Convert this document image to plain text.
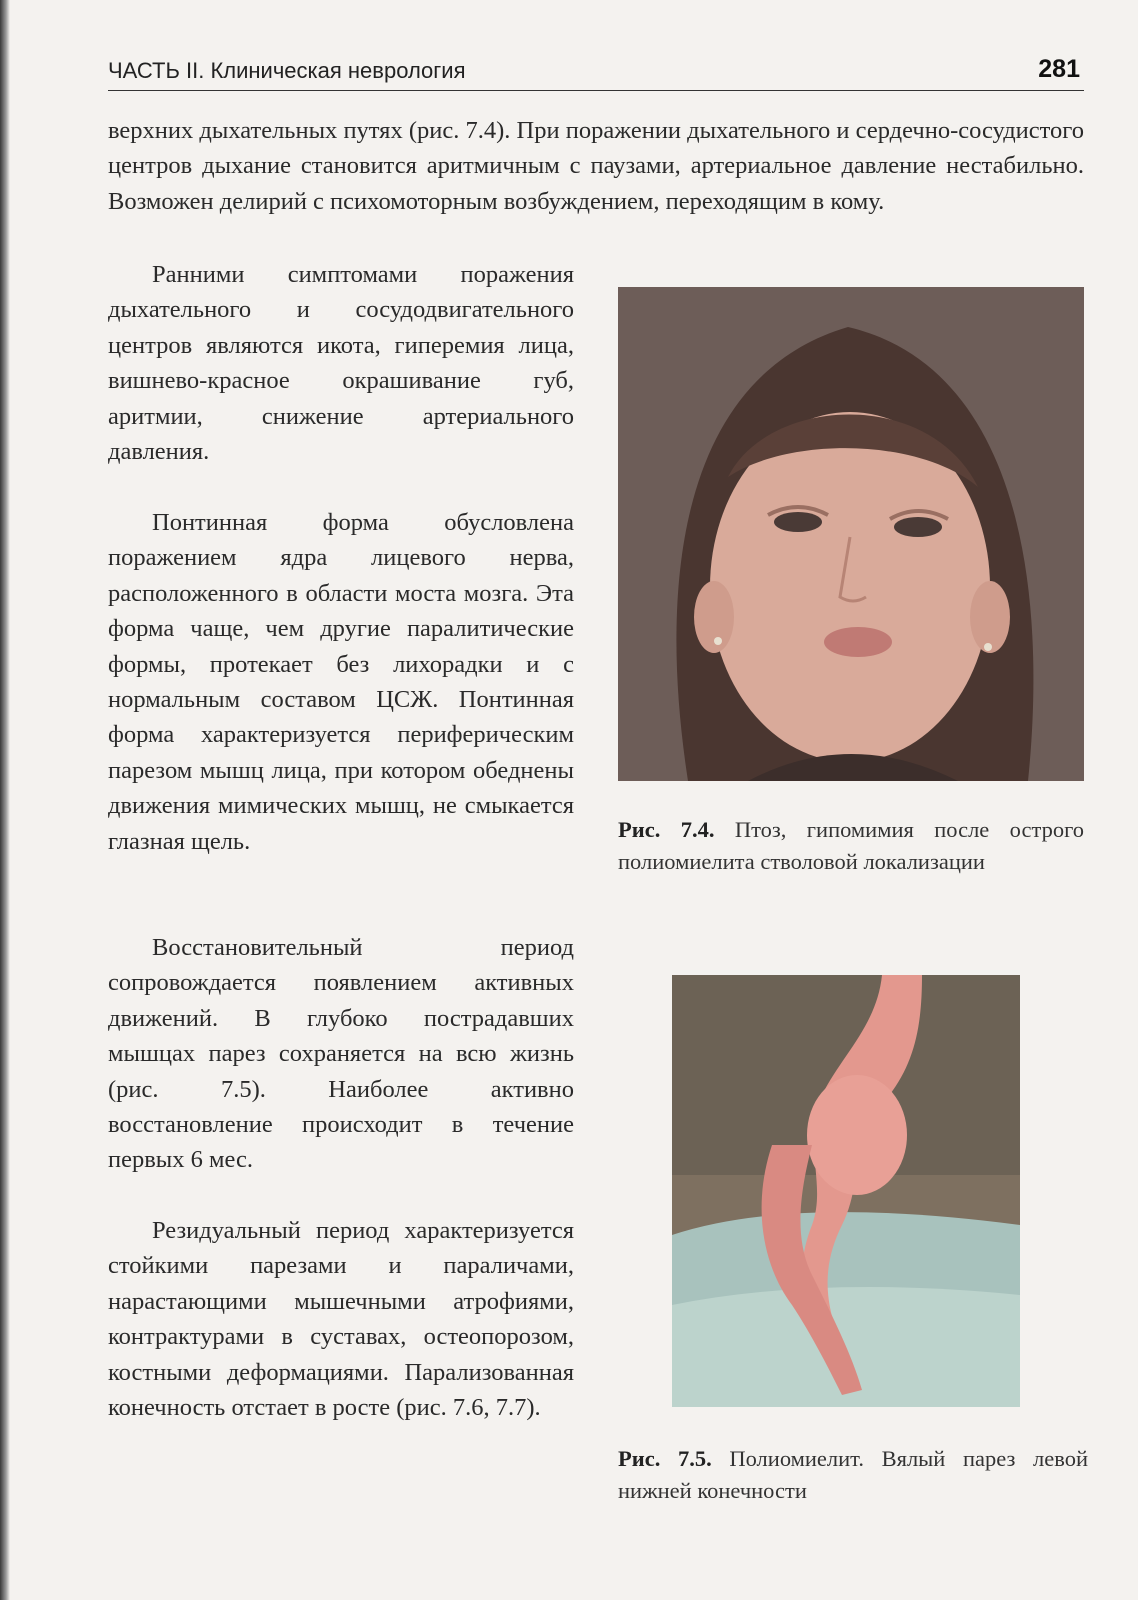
ЧАСТЬ II. Клиническая неврология	281

верхних дыхательных путях (рис. 7.4). При поражении дыхательного и сердечно-сосудистого центров дыхание становится аритмичным с паузами, артериальное давление нестабильно. Возможен делирий с психомоторным возбуждением, переходящим в кому.

Ранними симптомами поражения дыхательного и сосудодвигательного центров являются икота, гиперемия лица, вишнево-красное окрашивание губ, аритмии, снижение артериального давления.

Понтинная форма обусловлена поражением ядра лицевого нерва, расположенного в области моста мозга. Эта форма чаще, чем другие паралитические формы, протекает без лихорадки и с нормальным составом ЦСЖ. Понтинная форма характеризуется периферическим парезом мышц лица, при котором обеднены движения мимических мышц, не смыкается глазная щель.

Восстановительный период сопровождается появлением активных движений. В глубоко пострадавших мышцах парез сохраняется на всю жизнь (рис. 7.5). Наиболее активно восстановление происходит в течение первых 6 мес.

Резидуальный период характеризуется стойкими парезами и параличами, нарастающими мышечными атрофиями, контрактурами в суставах, остеопорозом, костными деформациями. Парализованная конечность отстает в росте (рис. 7.6, 7.7).

Рис. 7.4. Птоз, гипомимия после острого полиомиелита стволовой локализации

Рис. 7.5. Полиомиелит. Вялый парез левой нижней конечности
